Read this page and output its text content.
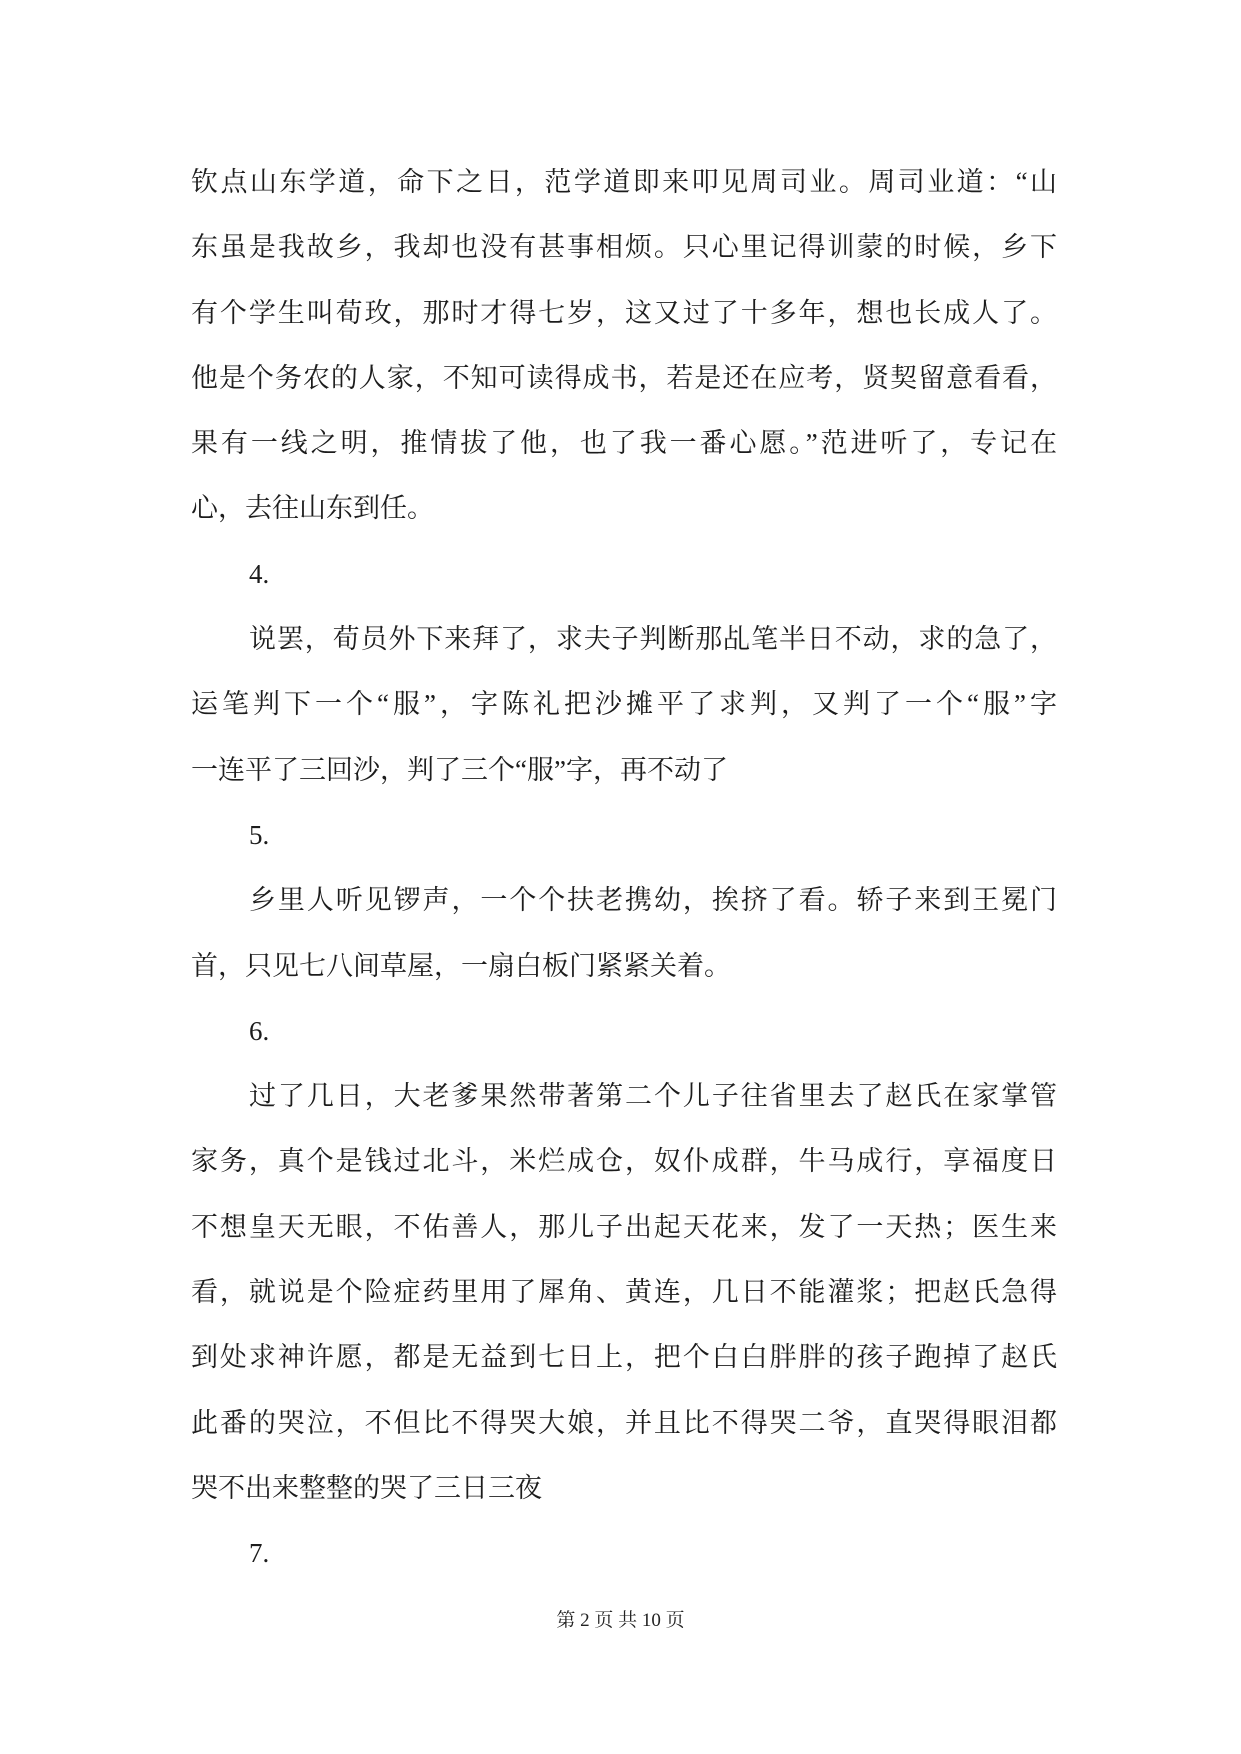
钦点山东学道，命下之日，范学道即来叩见周司业。周司业道：“山
东虽是我故乡，我却也没有甚事相烦。只心里记得训蒙的时候，乡下
有个学生叫荀玫，那时才得七岁，这又过了十多年，想也长成人了。
他是个务农的人家，不知可读得成书，若是还在应考，贤契留意看看，
果有一线之明，推情拔了他，也了我一番心愿。”范进听了，专记在
心，去往山东到任。
4.
说罢，荀员外下来拜了，求夫子判断那乩笔半日不动，求的急了，
运笔判下一个“服”，字陈礼把沙摊平了求判，又判了一个“服”字
一连平了三回沙，判了三个“服”字，再不动了
5.
乡里人听见锣声，一个个扶老携幼，挨挤了看。轿子来到王冕门
首，只见七八间草屋，一扇白板门紧紧关着。
6.
过了几日，大老爹果然带著第二个儿子往省里去了赵氏在家掌管
家务，真个是钱过北斗，米烂成仓，奴仆成群，牛马成行，享福度日
不想皇天无眼，不佑善人，那儿子出起天花来，发了一天热；医生来
看，就说是个险症药里用了犀角、黄连，几日不能灌浆；把赵氏急得
到处求神许愿，都是无益到七日上，把个白白胖胖的孩子跑掉了赵氏
此番的哭泣，不但比不得哭大娘，并且比不得哭二爷，直哭得眼泪都
哭不出来整整的哭了三日三夜
7.
第 2 页 共 10 页
